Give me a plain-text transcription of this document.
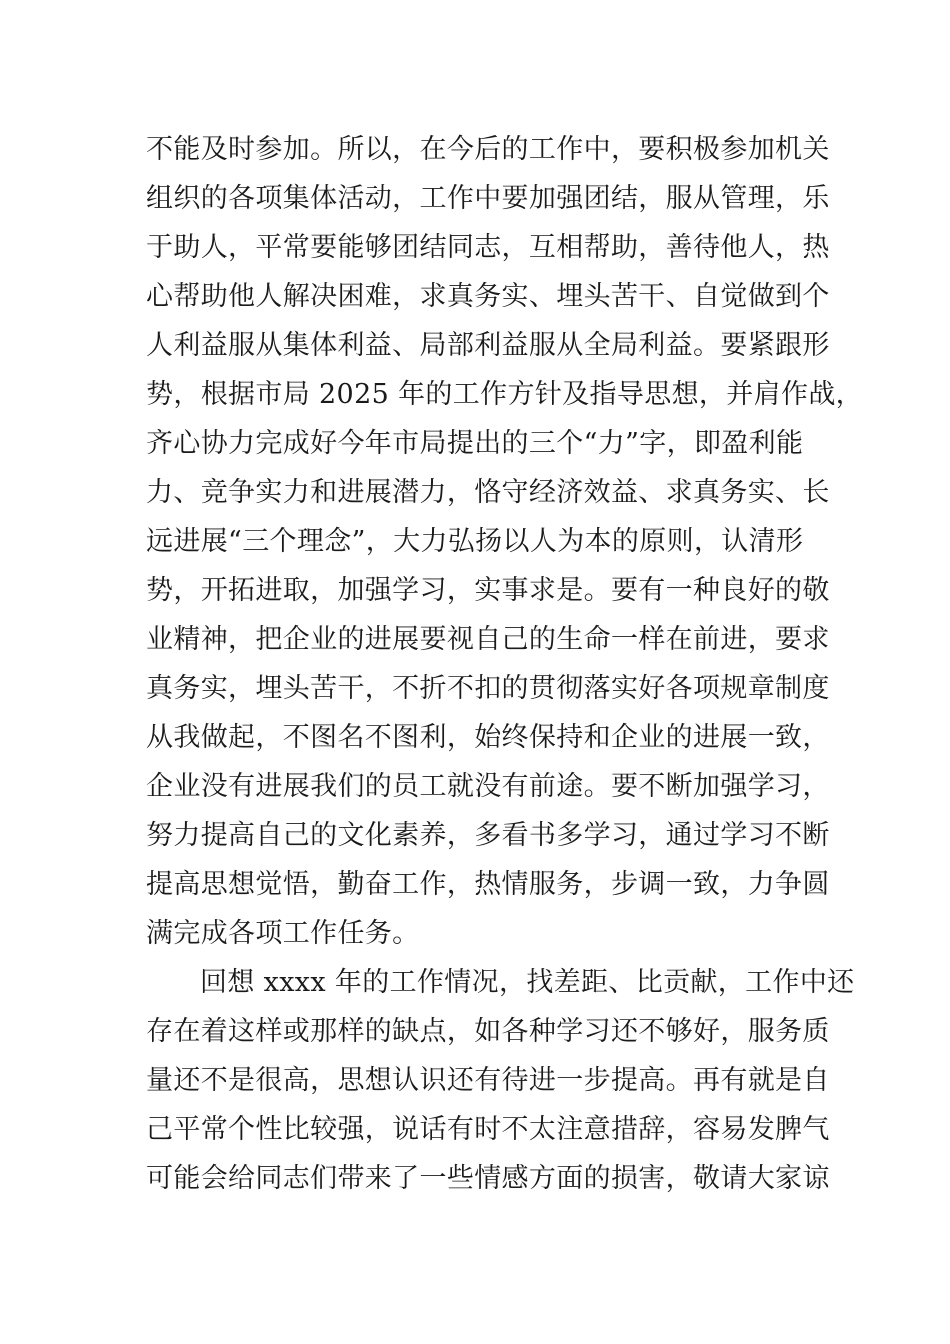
不能及时参加。所以，在今后的工作中，要积极参加机关
组织的各项集体活动，工作中要加强团结，服从管理，乐
于助人，平常要能够团结同志，互相帮助，善待他人，热
心帮助他人解决困难，求真务实、埋头苦干、自觉做到个
人利益服从集体利益、局部利益服从全局利益。要紧跟形
势，根据市局 2025 年的工作方针及指导思想，并肩作战，
齐心协力完成好今年市局提出的三个“力”字，即盈利能
力、竞争实力和进展潜力，恪守经济效益、求真务实、长
远进展“三个理念”，大力弘扬以人为本的原则，认清形
势，开拓进取，加强学习，实事求是。要有一种良好的敬
业精神，把企业的进展要视自己的生命一样在前进，要求
真务实，埋头苦干，不折不扣的贯彻落实好各项规章制度
从我做起，不图名不图利，始终保持和企业的进展一致，
企业没有进展我们的员工就没有前途。要不断加强学习，
努力提高自己的文化素养，多看书多学习，通过学习不断
提高思想觉悟，勤奋工作，热情服务，步调一致，力争圆
满完成各项工作任务。
回想 xxxx 年的工作情况，找差距、比贡献，工作中还
存在着这样或那样的缺点，如各种学习还不够好，服务质
量还不是很高，思想认识还有待进一步提高。再有就是自
己平常个性比较强，说话有时不太注意措辞，容易发脾气
可能会给同志们带来了一些情感方面的损害，敬请大家谅
